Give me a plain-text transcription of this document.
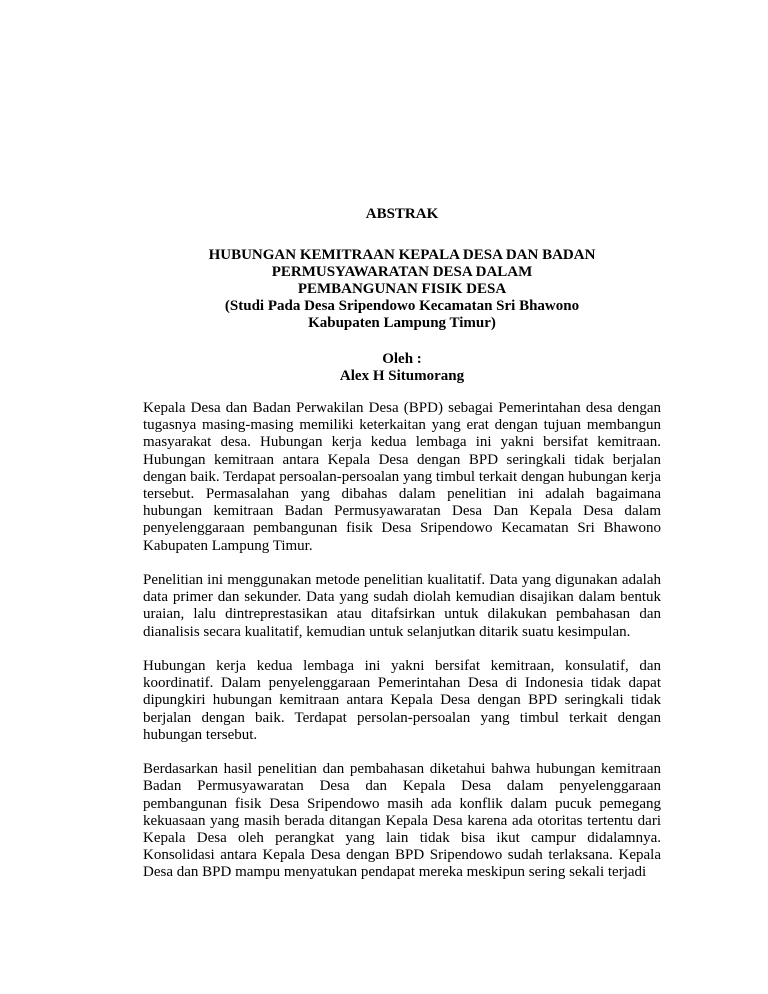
ABSTRAK
HUBUNGAN KEMITRAAN KEPALA DESA DAN BADAN
PERMUSYAWARATAN DESA DALAM
PEMBANGUNAN FISIK DESA
(Studi Pada Desa Sripendowo Kecamatan Sri Bhawono
Kabupaten Lampung Timur)
Oleh :
Alex H Situmorang

Kepala Desa dan Badan Perwakilan Desa (BPD) sebagai Pemerintahan desa dengan tugasnya masing-masing memiliki keterkaitan yang erat dengan tujuan membangun masyarakat desa. Hubungan kerja kedua lembaga ini yakni bersifat kemitraan. Hubungan kemitraan antara Kepala Desa dengan BPD seringkali tidak berjalan dengan baik. Terdapat persoalan-persoalan yang timbul terkait dengan hubungan kerja tersebut. Permasalahan yang dibahas dalam penelitian ini adalah bagaimana hubungan kemitraan Badan Permusyawaratan Desa Dan Kepala Desa dalam penyelenggaraan pembangunan fisik Desa Sripendowo Kecamatan Sri Bhawono Kabupaten Lampung Timur.

Penelitian ini menggunakan metode penelitian kualitatif. Data yang digunakan adalah data primer dan sekunder. Data yang sudah diolah kemudian disajikan dalam bentuk uraian, lalu dintreprestasikan atau ditafsirkan untuk dilakukan pembahasan dan dianalisis secara kualitatif, kemudian untuk selanjutkan ditarik suatu kesimpulan.

Hubungan kerja kedua lembaga ini yakni bersifat kemitraan, konsulatif, dan koordinatif. Dalam penyelenggaraan Pemerintahan Desa di Indonesia tidak dapat dipungkiri hubungan kemitraan antara Kepala Desa dengan BPD seringkali tidak berjalan dengan baik. Terdapat persolan-persoalan yang timbul terkait dengan hubungan tersebut.

Berdasarkan hasil penelitian dan pembahasan diketahui bahwa hubungan kemitraan Badan Permusyawaratan Desa dan Kepala Desa dalam penyelenggaraan pembangunan fisik Desa Sripendowo masih ada konflik dalam pucuk pemegang kekuasaan yang masih berada ditangan Kepala Desa karena ada otoritas tertentu dari Kepala Desa oleh perangkat yang lain tidak bisa ikut campur didalamnya. Konsolidasi antara Kepala Desa dengan BPD Sripendowo sudah terlaksana. Kepala Desa dan BPD mampu menyatukan pendapat mereka meskipun sering sekali terjadi
